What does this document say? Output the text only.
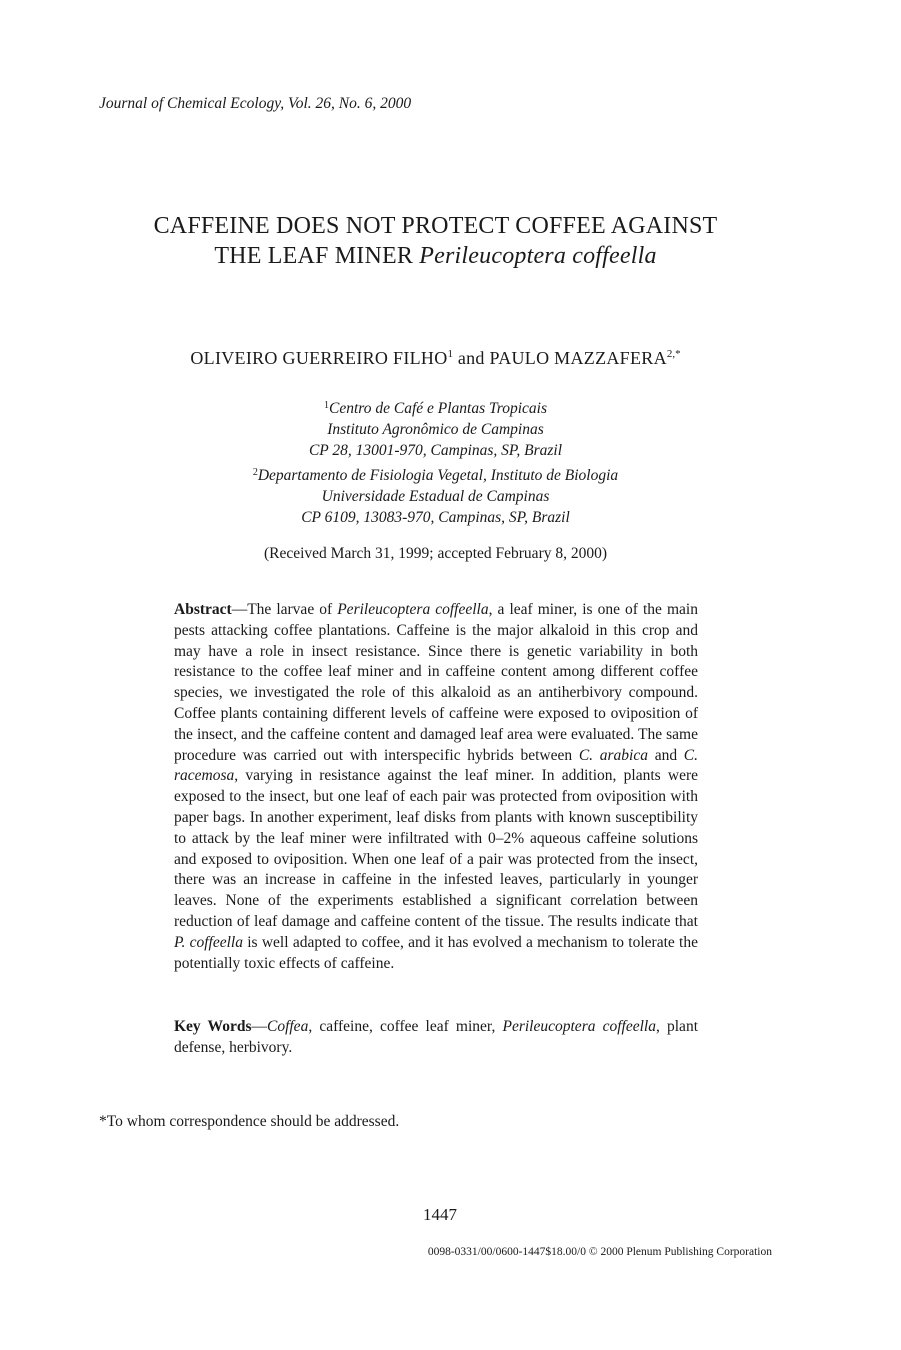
Journal of Chemical Ecology, Vol. 26, No. 6, 2000
CAFFEINE DOES NOT PROTECT COFFEE AGAINST
THE LEAF MINER Perileucoptera coffeella
OLIVEIRO GUERREIRO FILHO$^1$ and PAULO $MAZZAFERA^{2,*}$
$^1$Centro de Café e Plantas Tropicais
Instituto Agronômico de Campinas
CP 28, 13001-970, Campinas, SP, Brazil
$^2$Departamento de Fisiologia Vegetal, Instituto de Biologia
Universidade Estadual de Campinas
CP 6109, 13083-970, Campinas, SP, Brazil
(Received March 31, 1999; accepted February 8, 2000)
Abstract—The larvae of Perileucoptera coffeella, a leaf miner, is one of the main pests attacking coffee plantations. Caffeine is the major alkaloid in this crop and may have a role in insect resistance. Since there is genetic variability in both resistance to the coffee leaf miner and in caffeine content among different coffee species, we investigated the role of this alkaloid as an antiherbivory compound. Coffee plants containing different levels of caffeine were exposed to oviposition of the insect, and the caffeine content and damaged leaf area were evaluated. The same procedure was carried out with interspecific hybrids between C. arabica and C. racemosa, varying in resistance against the leaf miner. In addition, plants were exposed to the insect, but one leaf of each pair was protected from oviposition with paper bags. In another experiment, leaf disks from plants with known susceptibility to attack by the leaf miner were infiltrated with 0–2% aqueous caffeine solutions and exposed to oviposition. When one leaf of a pair was protected from the insect, there was an increase in caffeine in the infested leaves, particularly in younger leaves. None of the experiments established a significant correlation between reduction of leaf damage and caffeine content of the tissue. The results indicate that P. coffeella is well adapted to coffee, and it has evolved a mechanism to tolerate the potentially toxic effects of caffeine.
Key Words—Coffea, caffeine, coffee leaf miner, Perileucoptera coffeella, plant defense, herbivory.
*To whom correspondence should be addressed.
1447
0098-0331/00/0600-1447$18.00/0 © 2000 Plenum Publishing Corporation
